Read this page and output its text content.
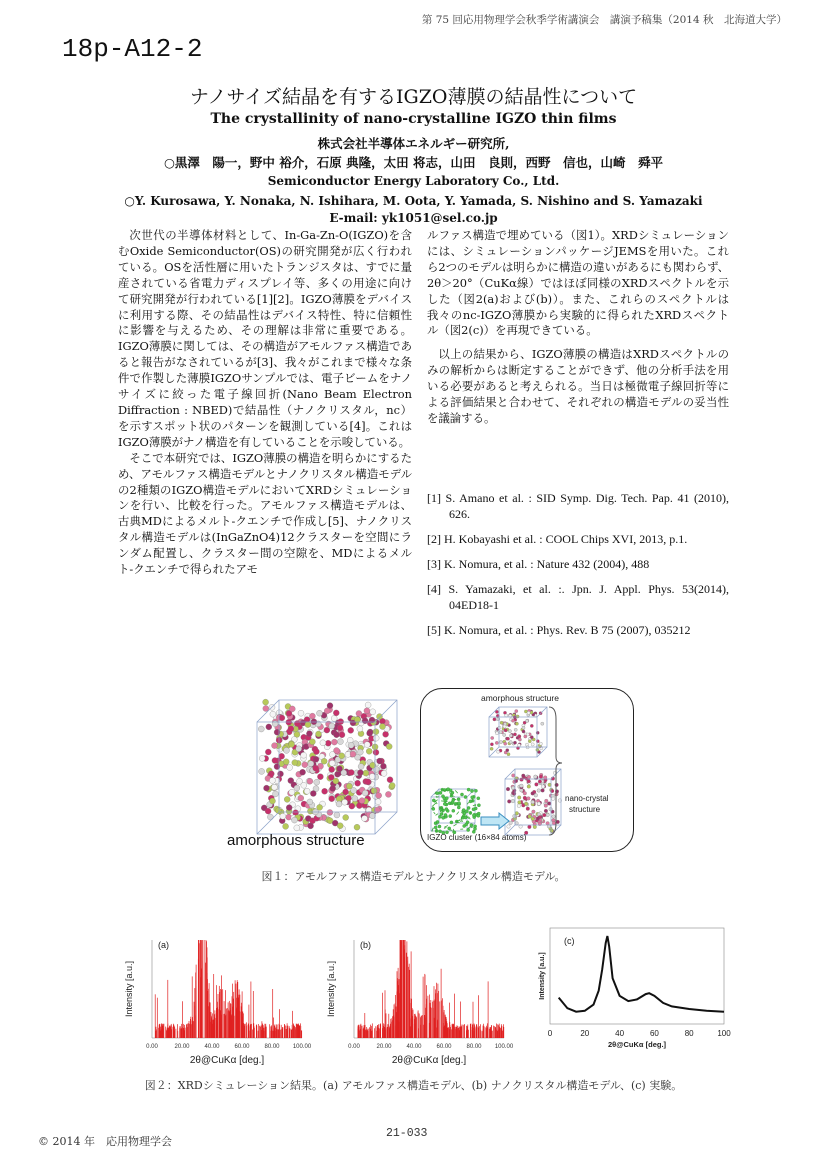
第 75 回応用物理学会秋季学術講演会　講演予稿集（2014 秋　北海道大学）
18p-A12-2
ナノサイズ結晶を有するIGZO薄膜の結晶性について
The crystallinity of nano-crystalline IGZO thin films
株式会社半導体エネルギー研究所,
○黒澤　陽一，野中 裕介，石原 典隆，太田 将志，山田　良則，西野　信也，山崎　舜平
Semiconductor Energy Laboratory Co., Ltd.
○Y. Kurosawa, Y. Nonaka, N. Ishihara, M. Oota, Y. Yamada, S. Nishino and S. Yamazaki
E-mail: yk1051@sel.co.jp

次世代の半導体材料として、In-Ga-Zn-O(IGZO)を含むOxide Semiconductor(OS)の研究開発が広く行われている。OSを活性層に用いたトランジスタは、すでに量産されている省電力ディスプレイ等、多くの用途に向けて研究開発が行われている[1][2]。IGZO薄膜をデバイスに利用する際、その結晶性はデバイス特性、特に信頼性に影響を与えるため、その理解は非常に重要である。IGZO薄膜に関しては、その構造がアモルファス構造であると報告がなされているが[3]、我々がこれまで様々な条件で作製した薄膜IGZOサンプルでは、電子ビームをナノサイズに絞った電子線回折(Nano Beam Electron Diffraction : NBED)で結晶性（ナノクリスタル，nc）を示すスポット状のパターンを観測している[4]。これはIGZO薄膜がナノ構造を有していることを示唆している。

そこで本研究では、IGZO薄膜の構造を明らかにするため、アモルファス構造モデルとナノクリスタル構造モデルの2種類のIGZO構造モデルにおいてXRDシミュレーションを行い、比較を行った。アモルファス構造モデルは、古典MDによるメルト-クエンチで作成し[5]、ナノクリスタル構造モデルは(InGaZnO4)12クラスターを空間にランダム配置し、クラスター間の空隙を、MDによるメルト-クエンチで得られたアモ

ルファス構造で埋めている（図1）。XRDシミュレーションには、シミュレーションパッケージJEMSを用いた。これら2つのモデルは明らかに構造の違いがあるにも関わらず、2θ＞20°（CuKα線）ではほぼ同様のXRDスペクトルを示した（図2(a)および(b)）。また、これらのスペクトルは我々のnc-IGZO薄膜から実験的に得られたXRDスペクトル（図2(c)）を再現できている。

以上の結果から、IGZO薄膜の構造はXRDスペクトルのみの解析からは断定することができず、他の分析手法を用いる必要があると考えられる。当日は極微電子線回折等による評価結果と合わせて、それぞれの構造モデルの妥当性を議論する。

[1] S. Amano et al. : SID Symp. Dig. Tech. Pap. 41 (2010), 626.
[2] H. Kobayashi et al. : COOL Chips XVI, 2013, p.1.
[3] K. Nomura, et al. : Nature 432 (2004), 488
[4] S. Yamazaki, et al. :. Jpn. J. Appl. Phys. 53(2014), 04ED18-1
[5] K. Nomura, et al. : Phys. Rev. B 75 (2007), 035212
amorphous structure
amorphous structure
nano-crystal structure
IGZO cluster (16×84 atoms)
図１：アモルファス構造モデルとナノクリスタル構造モデル。
0.00	20.00 40.00 60.00 80.00 100.00
2θ@CuKα [deg.]
Intensity [a.u.]
(a)
0.00	20.00 40.00 60.00 80.00 100.00
2θ@CuKα [deg.]
Intensity [a.u.]
(b)
0	20	40	60	80	100
2θ@CuKα [deg.]
Intensity [a.u.]
(c)
図２：XRDシミュレーション結果。(a) アモルファス構造モデル、(b) ナノクリスタル構造モデル、(c) 実験。
© 2014 年　応用物理学会
21-033
